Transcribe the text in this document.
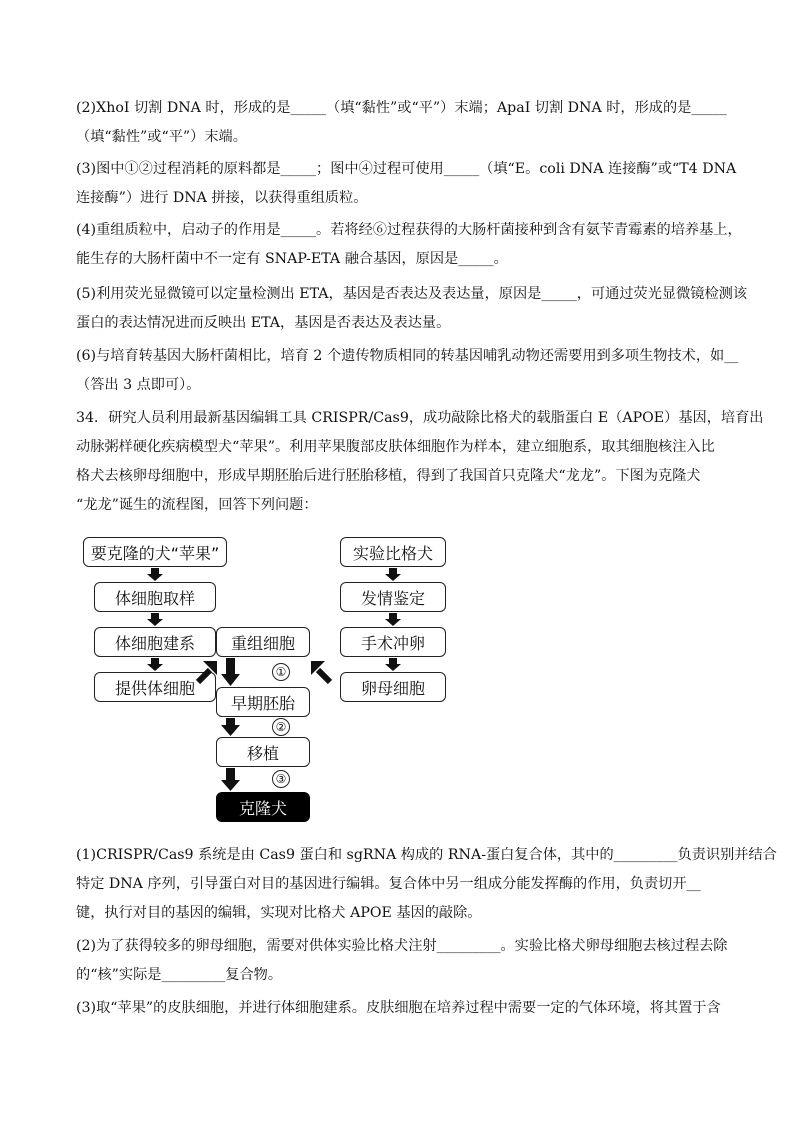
(2)XhoI 切割 DNA 时，形成的是_____（填“黏性”或“平”）末端；ApaI 切割 DNA 时，形成的是_____
（填“黏性”或“平”）末端。
(3)图中①②过程消耗的原料都是_____；图中④过程可使用_____（填“E。coli DNA 连接酶”或“T4 DNA
连接酶”）进行 DNA 拼接，以获得重组质粒。
(4)重组质粒中，启动子的作用是_____。若将经⑥过程获得的大肠杆菌接种到含有氨苄青霉素的培养基上，
能生存的大肠杆菌中不一定有 SNAP-ETA 融合基因，原因是_____。
(5)利用荧光显微镜可以定量检测出 ETA，基因是否表达及表达量，原因是_____，可通过荧光显微镜检测该
蛋白的表达情况进而反映出 ETA，基因是否表达及表达量。
(6)与培育转基因大肠杆菌相比，培育 2 个遗传物质相同的转基因哺乳动物还需要用到多项生物技术，如__
（答出 3 点即可）。
34．研究人员利用最新基因编辑工具 CRISPR/Cas9，成功敲除比格犬的载脂蛋白 E（APOE）基因，培育出
动脉粥样硬化疾病模型犬“苹果”。利用苹果腹部皮肤体细胞作为样本，建立细胞系，取其细胞核注入比
格犬去核卵母细胞中，形成早期胚胎后进行胚胎移植，得到了我国首只克隆犬“龙龙”。下图为克隆犬
“龙龙”诞生的流程图，回答下列问题：
要克隆的犬“苹果”
体细胞取样
体细胞建系
提供体细胞
实验比格犬
发情鉴定
手术冲卵
卵母细胞
重组细胞
早期胚胎
移植
克隆犬
①
②
③
(1)CRISPR/Cas9 系统是由 Cas9 蛋白和 sgRNA 构成的 RNA-蛋白复合体，其中的_________负责识别并结合
特定 DNA 序列，引导蛋白对目的基因进行编辑。复合体中另一组成分能发挥酶的作用，负责切开__
键，执行对目的基因的编辑，实现对比格犬 APOE 基因的敲除。
(2)为了获得较多的卵母细胞，需要对供体实验比格犬注射_________。实验比格犬卵母细胞去核过程去除
的“核”实际是_________复合物。
(3)取“苹果”的皮肤细胞，并进行体细胞建系。皮肤细胞在培养过程中需要一定的气体环境，将其置于含
